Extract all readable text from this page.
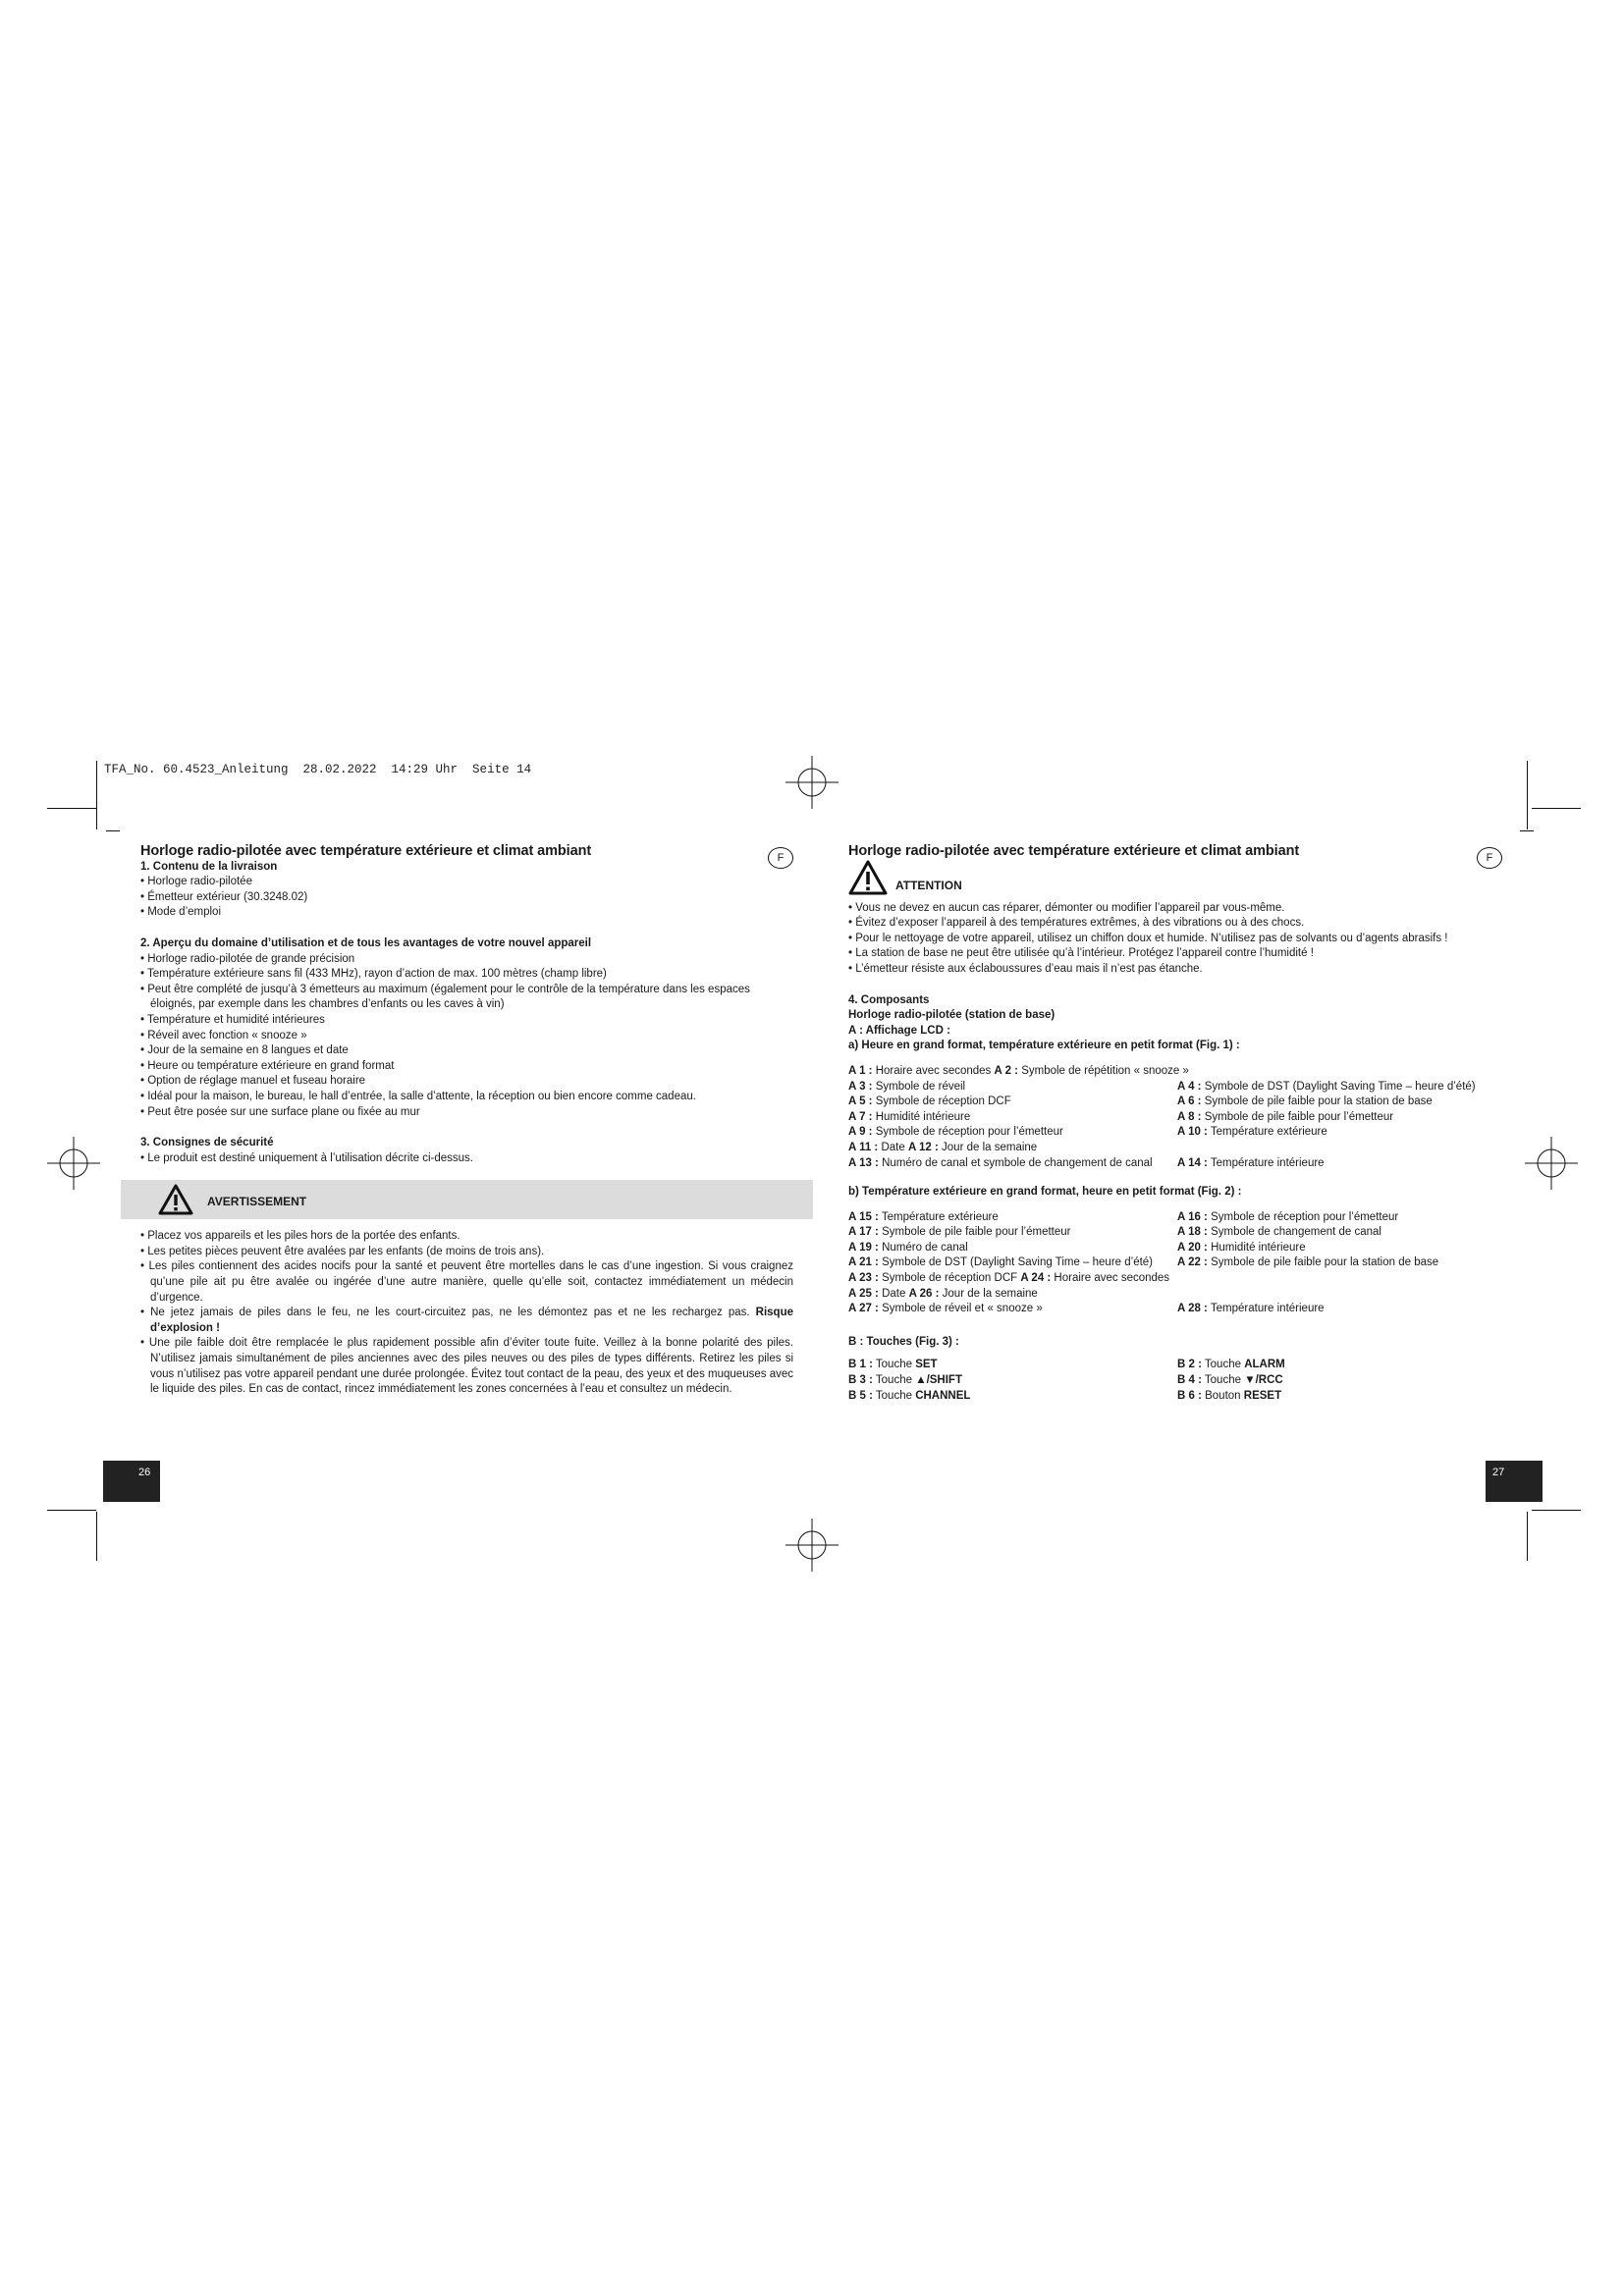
TFA_No. 60.4523_Anleitung  28.02.2022  14:29 Uhr  Seite 14

Horloge radio-pilotée avec température extérieure et climat ambiant	F

1. Contenu de la livraison

• Horloge radio-pilotée
• Émetteur extérieur (30.3248.02)
• Mode d’emploi

2. Aperçu du domaine d’utilisation et de tous les avantages de votre nouvel appareil

• Horloge radio-pilotée de grande précision
• Température extérieure sans fil (433 MHz), rayon d’action de max. 100 mètres (champ libre)
• Peut être complété de jusqu’à 3 émetteurs au maximum (également pour le contrôle de la température dans les espaces éloignés, par exemple dans les chambres d’enfants ou les caves à vin)
• Température et humidité intérieures
• Réveil avec fonction « snooze »
• Jour de la semaine en 8 langues et date
• Heure ou température extérieure en grand format
• Option de réglage manuel et fuseau horaire
• Idéal pour la maison, le bureau, le hall d’entrée, la salle d’attente, la réception ou bien encore comme cadeau.
• Peut être posée sur une surface plane ou fixée au mur

3. Consignes de sécurité

• Le produit est destiné uniquement à l’utilisation décrite ci-dessus.

AVERTISSEMENT
• Placez vos appareils et les piles hors de la portée des enfants.
• Les petites pièces peuvent être avalées par les enfants (de moins de trois ans).
• Les piles contiennent des acides nocifs pour la santé et peuvent être mortelles dans le cas d’une ingestion. Si vous craignez qu’une pile ait pu être avalée ou ingérée d’une autre manière, quelle qu’elle soit, contactez immédiatement un médecin d’urgence.
• Ne jetez jamais de piles dans le feu, ne les court-circuitez pas, ne les démontez pas et ne les rechargez pas. Risque d’explosion !
• Une pile faible doit être remplacée le plus rapidement possible afin d’éviter toute fuite. Veillez à la bonne polarité des piles. N’utilisez jamais simultanément de piles anciennes avec des piles neuves ou des piles de types différents. Retirez les piles si vous n’utilisez pas votre appareil pendant une durée prolongée. Évitez tout contact de la peau, des yeux et des muqueuses avec le liquide des piles. En cas de contact, rincez immédiatement les zones concernées à l’eau et consultez un médecin.
26

Horloge radio-pilotée avec température extérieure et climat ambiant	F
ATTENTION
• Vous ne devez en aucun cas réparer, démonter ou modifier l’appareil par vous-même.
• Évitez d’exposer l’appareil à des températures extrêmes, à des vibrations ou à des chocs.
• Pour le nettoyage de votre appareil, utilisez un chiffon doux et humide. N’utilisez pas de solvants ou d’agents abrasifs !
• La station de base ne peut être utilisée qu’à l’intérieur. Protégez l’appareil contre l’humidité !
• L’émetteur résiste aux éclaboussures d’eau mais il n’est pas étanche.

4. Composants

Horloge radio-pilotée (station de base)

A : Affichage LCD :

a) Heure en grand format, température extérieure en petit format (Fig. 1) :

A 1 : Horaire avec secondes A 2 : Symbole de répétition « snooze »

A 3 : Symbole de réveil	A 4 : Symbole de DST (Daylight Saving Time – heure d’été)
A 5 : Symbole de réception DCF	A 6 : Symbole de pile faible pour la station de base
A 7 : Humidité intérieure	A 8 : Symbole de pile faible pour l’émetteur
A 9 : Symbole de réception pour l’émetteur	A 10 : Température extérieure

A 11 : Date A 12 : Jour de la semaine

A 13 : Numéro de canal et symbole de changement de canal	A 14 : Température intérieure

b) Température extérieure en grand format, heure en petit format (Fig. 2) :

A 15 : Température extérieure	A 16 : Symbole de réception pour l’émetteur
A 17 : Symbole de pile faible pour l’émetteur	A 18 : Symbole de changement de canal
A 19 : Numéro de canal	A 20 : Humidité intérieure
A 21 : Symbole de DST (Daylight Saving Time – heure d’été)	A 22 : Symbole de pile faible pour la station de base

A 23 : Symbole de réception DCF A 24 : Horaire avec secondes

A 25 : Date A 26 : Jour de la semaine

A 27 : Symbole de réveil et « snooze »	A 28 : Température intérieure

B : Touches (Fig. 3) :

B 1 : Touche SET	B 2 : Touche ALARM
B 3 : Touche ▲/SHIFT	B 4 : Touche ▼/RCC
B 5 : Touche CHANNEL	B 6 : Bouton RESET
27
